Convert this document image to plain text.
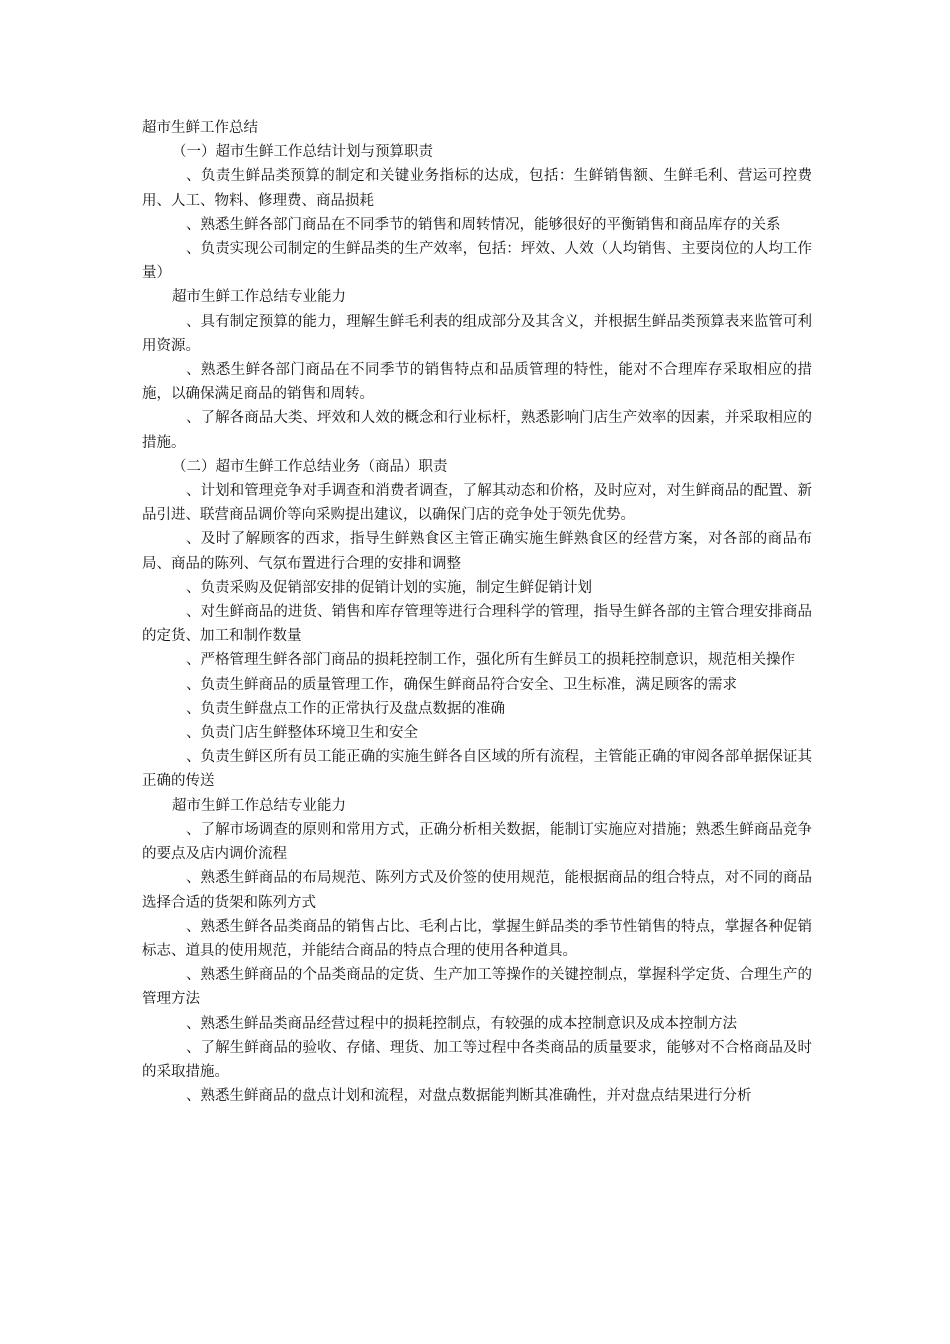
超市生鲜工作总结
（一）超市生鲜工作总结计划与预算职责
、负责生鲜品类预算的制定和关键业务指标的达成，包括：生鲜销售额、生鲜毛利、营运可控费用、人工、物料、修理费、商品损耗
、熟悉生鲜各部门商品在不同季节的销售和周转情况，能够很好的平衡销售和商品库存的关系
、负责实现公司制定的生鲜品类的生产效率，包括：坪效、人效（人均销售、主要岗位的人均工作量）
超市生鲜工作总结专业能力
、具有制定预算的能力，理解生鲜毛利表的组成部分及其含义，并根据生鲜品类预算表来监管可利用资源。
、熟悉生鲜各部门商品在不同季节的销售特点和品质管理的特性，能对不合理库存采取相应的措施，以确保满足商品的销售和周转。
、了解各商品大类、坪效和人效的概念和行业标杆，熟悉影响门店生产效率的因素，并采取相应的措施。
（二）超市生鲜工作总结业务（商品）职责
、计划和管理竞争对手调查和消费者调查，了解其动态和价格，及时应对，对生鲜商品的配置、新品引进、联营商品调价等向采购提出建议，以确保门店的竞争处于领先优势。
、及时了解顾客的西求，指导生鲜熟食区主管正确实施生鲜熟食区的经营方案，对各部的商品布局、商品的陈列、气氛布置进行合理的安排和调整
、负责采购及促销部安排的促销计划的实施，制定生鲜促销计划
、对生鲜商品的进货、销售和库存管理等进行合理科学的管理，指导生鲜各部的主管合理安排商品的定货、加工和制作数量
、严格管理生鲜各部门商品的损耗控制工作，强化所有生鲜员工的损耗控制意识，规范相关操作
、负责生鲜商品的质量管理工作，确保生鲜商品符合安全、卫生标准，满足顾客的需求
、负责生鲜盘点工作的正常执行及盘点数据的准确
、负责门店生鲜整体环境卫生和安全
、负责生鲜区所有员工能正确的实施生鲜各自区域的所有流程，主管能正确的审阅各部单据保证其正确的传送
超市生鲜工作总结专业能力
、了解市场调查的原则和常用方式，正确分析相关数据，能制订实施应对措施；熟悉生鲜商品竞争的要点及店内调价流程
、熟悉生鲜商品的布局规范、陈列方式及价签的使用规范，能根据商品的组合特点，对不同的商品选择合适的货架和陈列方式
、熟悉生鲜各品类商品的销售占比、毛利占比，掌握生鲜品类的季节性销售的特点，掌握各种促销标志、道具的使用规范，并能结合商品的特点合理的使用各种道具。
、熟悉生鲜商品的个品类商品的定货、生产加工等操作的关键控制点，掌握科学定货、合理生产的管理方法
、熟悉生鲜品类商品经营过程中的损耗控制点，有较强的成本控制意识及成本控制方法
、了解生鲜商品的验收、存储、理货、加工等过程中各类商品的质量要求，能够对不合格商品及时的采取措施。
、熟悉生鲜商品的盘点计划和流程，对盘点数据能判断其准确性，并对盘点结果进行分析
